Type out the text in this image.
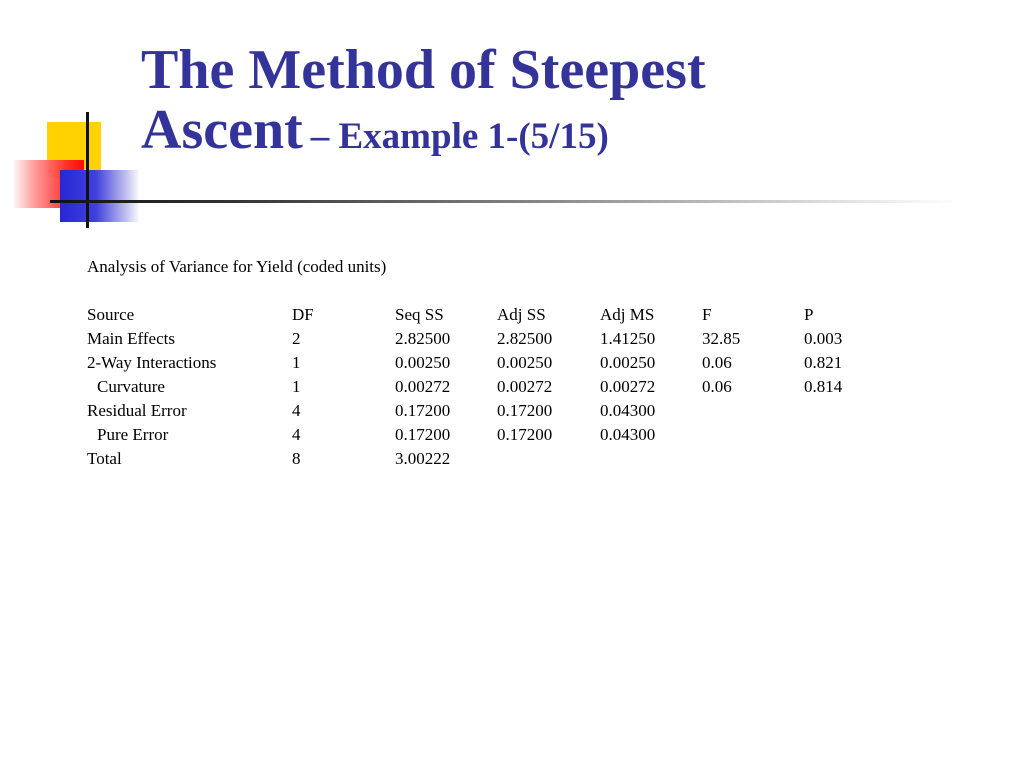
The Method of Steepest
Ascent – Example 1-(5/15)

Analysis of Variance for Yield (coded units)

Source	DF	Seq SS	Adj SS	Adj MS	F	P
Main Effects	2	2.82500	2.82500	1.41250	32.85	0.003
2-Way Interactions	1	0.00250	0.00250	0.00250	0.06	0.821
Curvature	1	0.00272	0.00272	0.00272	0.06	0.814
Residual Error	4	0.17200	0.17200	0.04300		
Pure Error	4	0.17200	0.17200	0.04300		
Total	8	3.00222				
